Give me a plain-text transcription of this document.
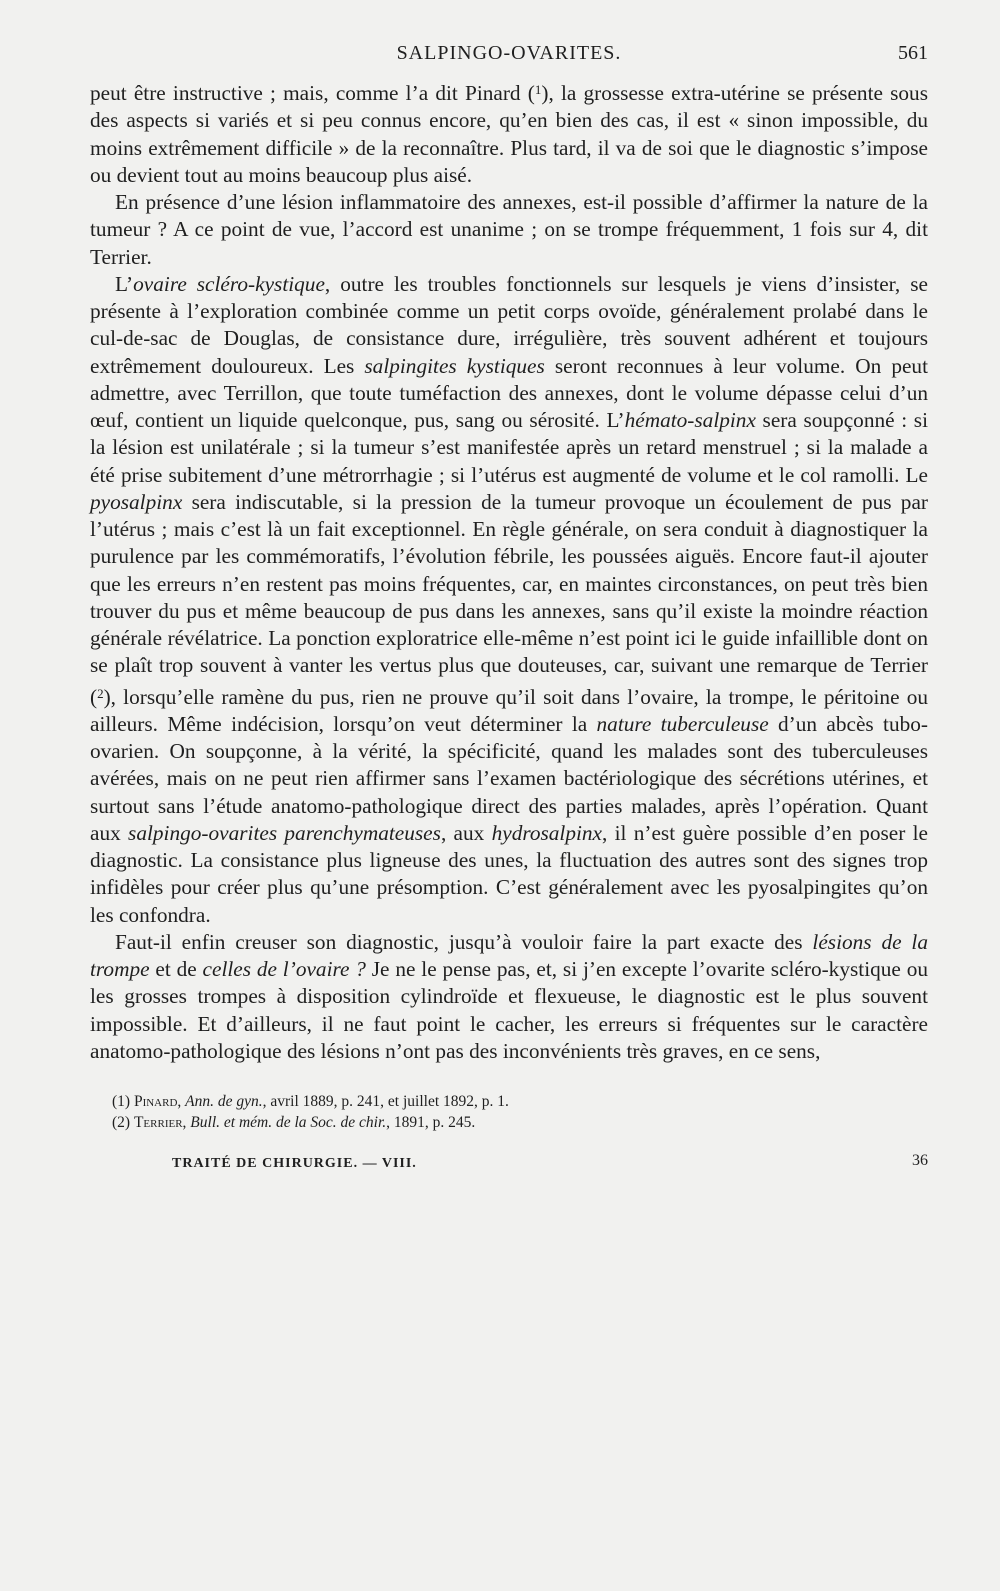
SALPINGO-OVARITES.	561

peut être instructive ; mais, comme l’a dit Pinard ($^1$), la grossesse extra-utérine se présente sous des aspects si variés et si peu connus encore, qu’en bien des cas, il est « sinon impossible, du moins extrêmement difficile » de la reconnaître. Plus tard, il va de soi que le diagnostic s’impose ou devient tout au moins beaucoup plus aisé.

En présence d’une lésion inflammatoire des annexes, est-il possible d’affirmer la nature de la tumeur ? A ce point de vue, l’accord est unanime ; on se trompe fréquemment, 1 fois sur 4, dit Terrier.

L’ovaire scléro-kystique, outre les troubles fonctionnels sur lesquels je viens d’insister, se présente à l’exploration combinée comme un petit corps ovoïde, généralement prolabé dans le cul-de-sac de Douglas, de consistance dure, irrégulière, très souvent adhérent et toujours extrêmement douloureux. Les salpingites kystiques seront reconnues à leur volume. On peut admettre, avec Terrillon, que toute tuméfaction des annexes, dont le volume dépasse celui d’un œuf, contient un liquide quelconque, pus, sang ou sérosité. L’hémato-salpinx sera soupçonné : si la lésion est unilatérale ; si la tumeur s’est manifestée après un retard menstruel ; si la malade a été prise subitement d’une métrorrhagie ; si l’utérus est augmenté de volume et le col ramolli. Le pyosalpinx sera indiscutable, si la pression de la tumeur provoque un écoulement de pus par l’utérus ; mais c’est là un fait exceptionnel. En règle générale, on sera conduit à diagnostiquer la purulence par les commémoratifs, l’évolution fébrile, les poussées aiguës. Encore faut-il ajouter que les erreurs n’en restent pas moins fréquentes, car, en maintes circonstances, on peut très bien trouver du pus et même beaucoup de pus dans les annexes, sans qu’il existe la moindre réaction générale révélatrice. La ponction exploratrice elle-même n’est point ici le guide infaillible dont on se plaît trop souvent à vanter les vertus plus que douteuses, car, suivant une remarque de Terrier ($^2$), lorsqu’elle ramène du pus, rien ne prouve qu’il soit dans l’ovaire, la trompe, le péritoine ou ailleurs. Même indécision, lorsqu’on veut déterminer la nature tuberculeuse d’un abcès tubo-ovarien. On soupçonne, à la vérité, la spécificité, quand les malades sont des tuberculeuses avérées, mais on ne peut rien affirmer sans l’examen bactériologique des sécrétions utérines, et surtout sans l’étude anatomo-pathologique direct des parties malades, après l’opération. Quant aux salpingo-ovarites parenchymateuses, aux hydrosalpinx, il n’est guère possible d’en poser le diagnostic. La consistance plus ligneuse des unes, la fluctuation des autres sont des signes trop infidèles pour créer plus qu’une présomption. C’est généralement avec les pyosalpingites qu’on les confondra.

Faut-il enfin creuser son diagnostic, jusqu’à vouloir faire la part exacte des lésions de la trompe et de celles de l’ovaire ? Je ne le pense pas, et, si j’en excepte l’ovarite scléro-kystique ou les grosses trompes à disposition cylindroïde et flexueuse, le diagnostic est le plus souvent impossible. Et d’ailleurs, il ne faut point le cacher, les erreurs si fréquentes sur le caractère anatomo-pathologique des lésions n’ont pas des inconvénients très graves, en ce sens,

(1) Pinard, Ann. de gyn., avril 1889, p. 241, et juillet 1892, p. 1.

(2) Terrier, Bull. et mém. de la Soc. de chir., 1891, p. 245.

TRAITÉ DE CHIRURGIE. — VIII.	36
